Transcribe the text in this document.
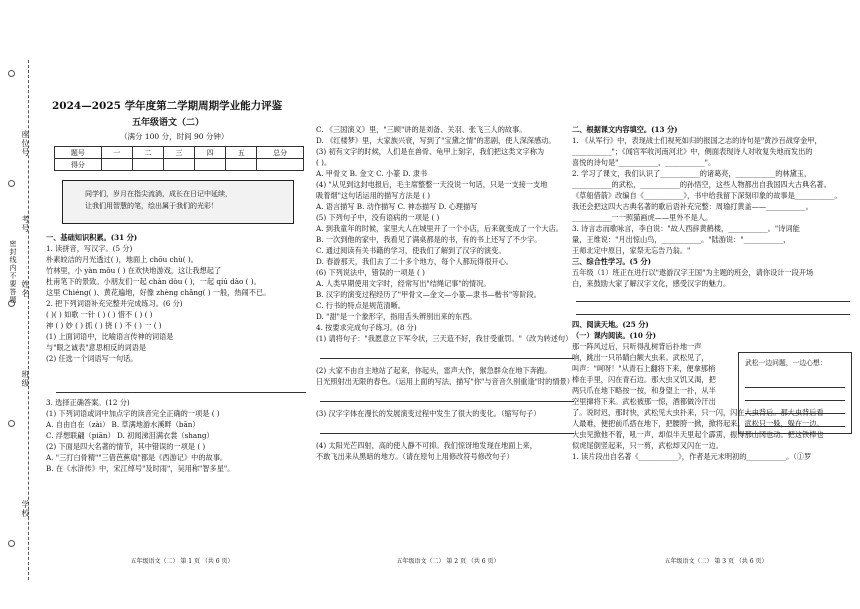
座位号
考号
姓名
班级
学校
密封线内不要答题
2024—2025 学年度第二学期周期学业能力评鉴
五年级语文（二）
（满分 100 分，时间 90 分钟）
题号	一	二	三	四	五	总分
得分						
同学们，岁月在指尖流淌，成长在日记中延续，
让我们用智慧的笔，绘出属于我们的光彩！
一、基础知识积累。(31 分)
1. 读拼音，写汉字。(5 分)
朴素皎洁的月光透过( )，地面上 chōu chù( )。
竹林里，小 yàn mǒu ( ) 在欢快地游戏，这让我想起了
杜甫笔下的景致。小朋友们一起 chàn dòu ( )，一起 qiú dào ( )。
这里 Chiéng( )、黄花遍地，好像 zhèng chǎng( ) 一般，热闹不已。
2. 把下列词语补充完整并完成练习。(6 分)
( )( ) 如歌 一针 ( ) ( ) 惜不 ( ) ( )
神 ( ) 妙 ( ) 抓 ( ) 挠 ( ) 不 ( ) 一 ( )
(1) 上面词语中，比喻语言传神的词语是
与"眼之诚表"意思相反的词语是
(2) 任选一个词语写一句话。
3. 选择正确答案。(12 分)
(1) 下列词语或词中加点字的读音完全正确的一项是 ( )
A. 自由自在（zài） B. 草满地游水溪畔（bān）
C. 浮想联翩（piān） D. 初闻涕泪满衣裳（shang）
(2) 下面是四大名著的情节，其中错误的一项是 ( )
A. "三打白骨精""三借芭蕉扇"都是《西游记》中的故事。
B. 在《水浒传》中，宋江绰号"及时雨"，吴用称"智多星"。
五年级语文（二） 第 1 页 （共 6 页）
C. 《三国演义》里，"三顾"讲的是刘备、关羽、张飞三人的故事。
D. 《红楼梦》里，大家族兴衰，写到了"宝黛之情"的悲剧，使人深深感动。
(3) 初有文字的时候，人们是在兽骨、龟甲上刻字，我们把这类文字称为
( )。
A. 甲骨文 B. 金文 C. 小篆 D. 隶书
(4) "从见到这封电报后，毛主席整整一天没说一句话，只是一支接一支地
吸着烟"这句话运用的描写方法是 ( )
A. 语言描写 B. 动作描写 C. 神态描写 D. 心理描写
(5) 下列句子中，没有语病的一项是 ( )
A. 到我童年的时候，家里大人在城里开了一个小店，后来就变成了一个大店。
B. 一次到他的家中，我看见了满桌都是的书，有的书上还写了不少字。
C. 通过阅读有关书籍的学习，使我们了解到了汉字的演变。
D. 春游那天，我们去了二十多个地方，每个人都玩得很开心。
(6) 下列说法中，错误的一项是 ( )
A. 人类早期使用文字时，经常写出"结绳记事"的情况。
B. 汉字的演变过程经历了"甲骨文—金文—小篆—隶书—楷书"等阶段。
C. 行书的特点是规范清晰。
D. "甜"是一个象形字，指用舌头辨别出来的东西。
4. 按要求完成句子练习。(8 分)
(1) 请将句子："我愿意立下军令状，三天造不好，我甘受重罚。"（改为转述句）
(2) 大家不由自主地站了起来，你起头，雷声大作，猴急群众在地下奔跑。
日光照射出无限的春色。（运用上面的写法，描写"你"与音音久别重逢"时的情景）
(3) 汉字字体在漫长的发展演变过程中发生了很大的变化。（缩写句子）
(4) 太阳光芒四射，高的使人静不可抑。我们惊讶地发现在地面上来，
不敢飞出来从黑暗的地方。（请在原句上用修改符号修改句子）
五年级语文（二） 第 2 页 （共 6 页）
二、根据课文内容填空。(13 分)
1. 《从军行》中，表现战士们视死如归的报国之志的诗句是"黄沙百战穿金甲，
___________"；《闻官军收河南河北》中，侧面表现诗人对收复失地而发出的
喜悦的诗句是"___________，___________"。
2. 学习了课文，我们认识了___________的诸葛亮，___________的林黛玉，
___________的武松，___________的孙悟空，这些人物都出自我国四大古典名著。
《草船借箭》改编自《___________》，书中给我留下深刻印象的故事是___________。
我还会把这四大古典名著的歌后语补充完整：周瑜打黄盖——___________。
___________一一照猫画虎——里外不是人。
3. 诗言志而歌咏言，李白说："故人西辞黄鹤楼，___________。"诗词能
量，王维说："月出惊山鸟，___________。"陆游说："___________，
王师北定中原日，家祭无忘告乃翁。"
三、综合性学习。(5 分)
五年级（1）班正在进行以"遨游汉字王国"为主题的班会，请你设计一段开场
白，来鼓励大家了解汉字文化，感受汉字的魅力。
四、阅读天地。(25 分)
（一）课内阅读。(10 分)
那一阵风过后，只听得乱树背后扑地一声
响，跳出一只吊睛白额大虫来。武松见了，
叫声："呵呀！"从青石上翻将下来，便拿那梢
棒在手里，闪在青石边。那大虫又饥又渴，把
两只爪在地下略按一按，和身望上一扑，从半
空里撺将下来。武松被那一惊，酒都做冷汗出
了。说时迟，那时快，武松见大虫扑来，只一闪，闪在大虫背后。那大虫背后看
人最难，便把前爪搭在地下，把腰胯一掀，掀将起来。武松只一躲，躲在一边。
大虫见掀他不着，吼一声，却似半天里起个霹雳，振得那山冈也动。把这铁棒也
似虎尾倒竖起来，只一剪，武松却又闪在一边。
1. 读片段出自名著《___________》，作者是元末明初的___________。（①罗
武松一边问题，一边心想：
五年级语文（二） 第 3 页 （共 6 页）
